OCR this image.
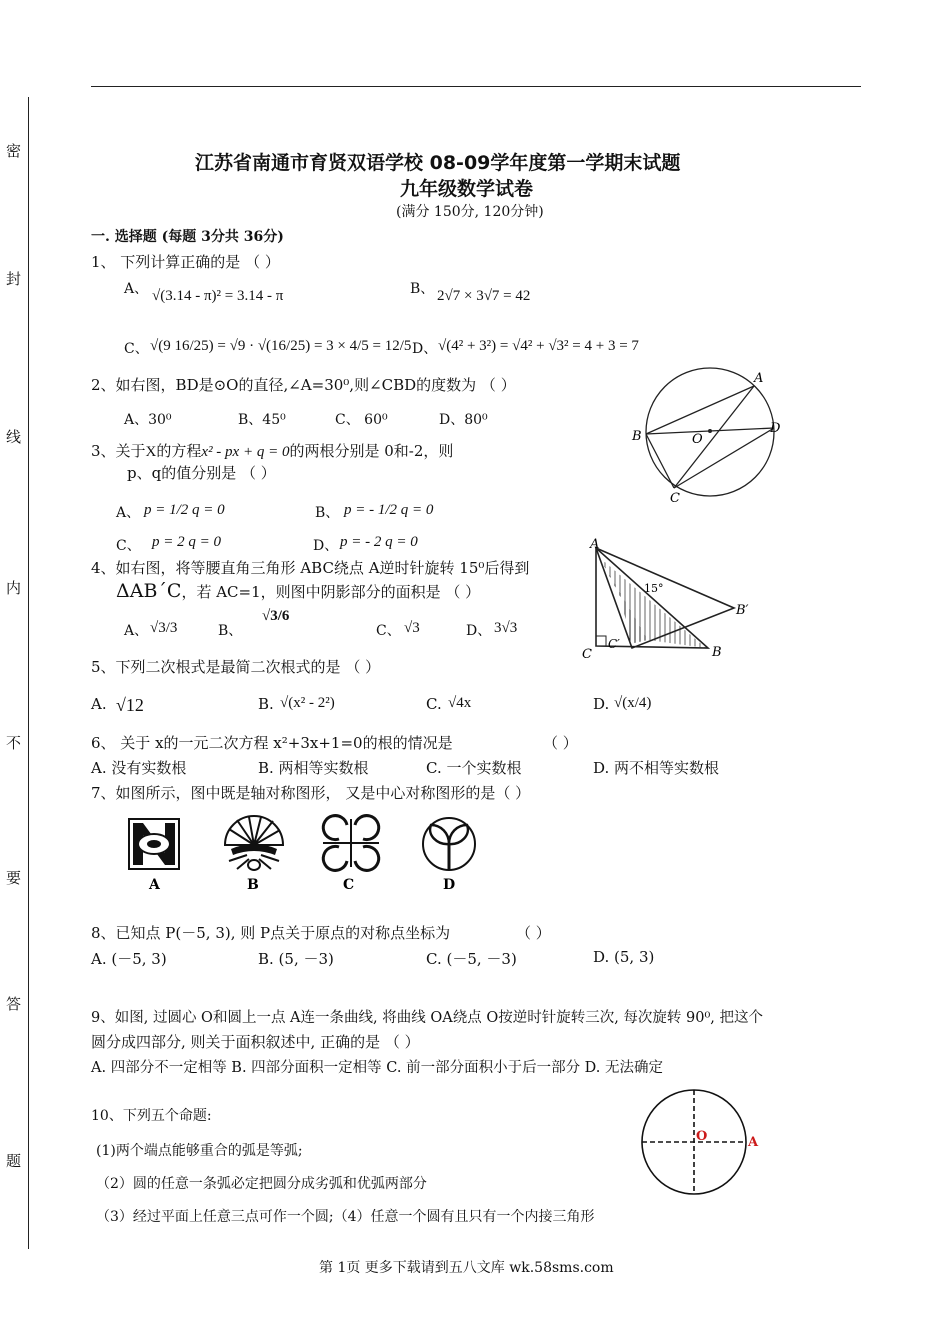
密
封
线
内
不
要
答
题
江苏省南通市育贤双语学校 08-09学年度第一学期末试题
九年级数学试卷
(满分 150分, 120分钟)
一. 选择题 (每题 3分共 36分)
1、 下列计算正确的是 （ ）
A、 √(3.14 - π)² = 3.14 - π	B、 2√7 × 3√7 = 42
C、 √(9 16/25) = √9 · √(16/25) = 3 × 4/5 = 12/5 D、 √(4² + 3²) = √4² + √3² = 4 + 3 = 7
2、如右图，BD是⊙O的直径,∠A=30⁰,则∠CBD的度数为 （ ）
A、30⁰	B、45⁰	C、 60⁰	D、80⁰
A
B	O
D
C
3、关于X的方程x² - px + q = 0的两根分别是 0和-2，则
p、q的值分别是 （ ）
A、 p = 1/2 q = 0	B、 p = - 1/2 q = 0
C、 p = 2 q = 0	D、 p = - 2 q = 0
4、如右图，将等腰直角三角形 ABC绕点 A逆时针旋转 15⁰后得到
ΔAB´C，若 AC=1，则图中阴影部分的面积是 （ ）
A、 √3/3	B、
√3/6
C、 √3	D、 3√3
A
15°
B′
C
C′
B
5、下列二次根式是最简二次根式的是 （ ）
A. √12	B. √(x² - 2²)	C. √4x	D. √(x/4)
6、 关于 x的一元二次方程 x²+3x+1=0的根的情况是	（ ）
A. 没有实数根	B. 两相等实数根	C. 一个实数根	D. 两不相等实数根
7、如图所示，图中既是轴对称图形， 又是中心对称图形的是（ ）
A	B	C	D
8、已知点 P(－5, 3), 则 P点关于原点的对称点坐标为	（ ）
A. (－5, 3)	B. (5, －3)	C. (－5, －3)	D. (5, 3)
9、如图, 过圆心 O和圆上一点 A连一条曲线, 将曲线 OA绕点 O按逆时针旋转三次, 每次旋转 90⁰, 把这个
圆分成四部分, 则关于面积叙述中, 正确的是 （ ）
A. 四部分不一定相等 B. 四部分面积一定相等 C. 前一部分面积小于后一部分 D. 无法确定
10、下列五个命题:
(1)两个端点能够重合的弧是等弧;
（2）圆的任意一条弧必定把圆分成劣弧和优弧两部分
（3）经过平面上任意三点可作一个圆;（4）任意一个圆有且只有一个内接三角形
O	A
第 1页 更多下载请到五八文库 wk.58sms.com
